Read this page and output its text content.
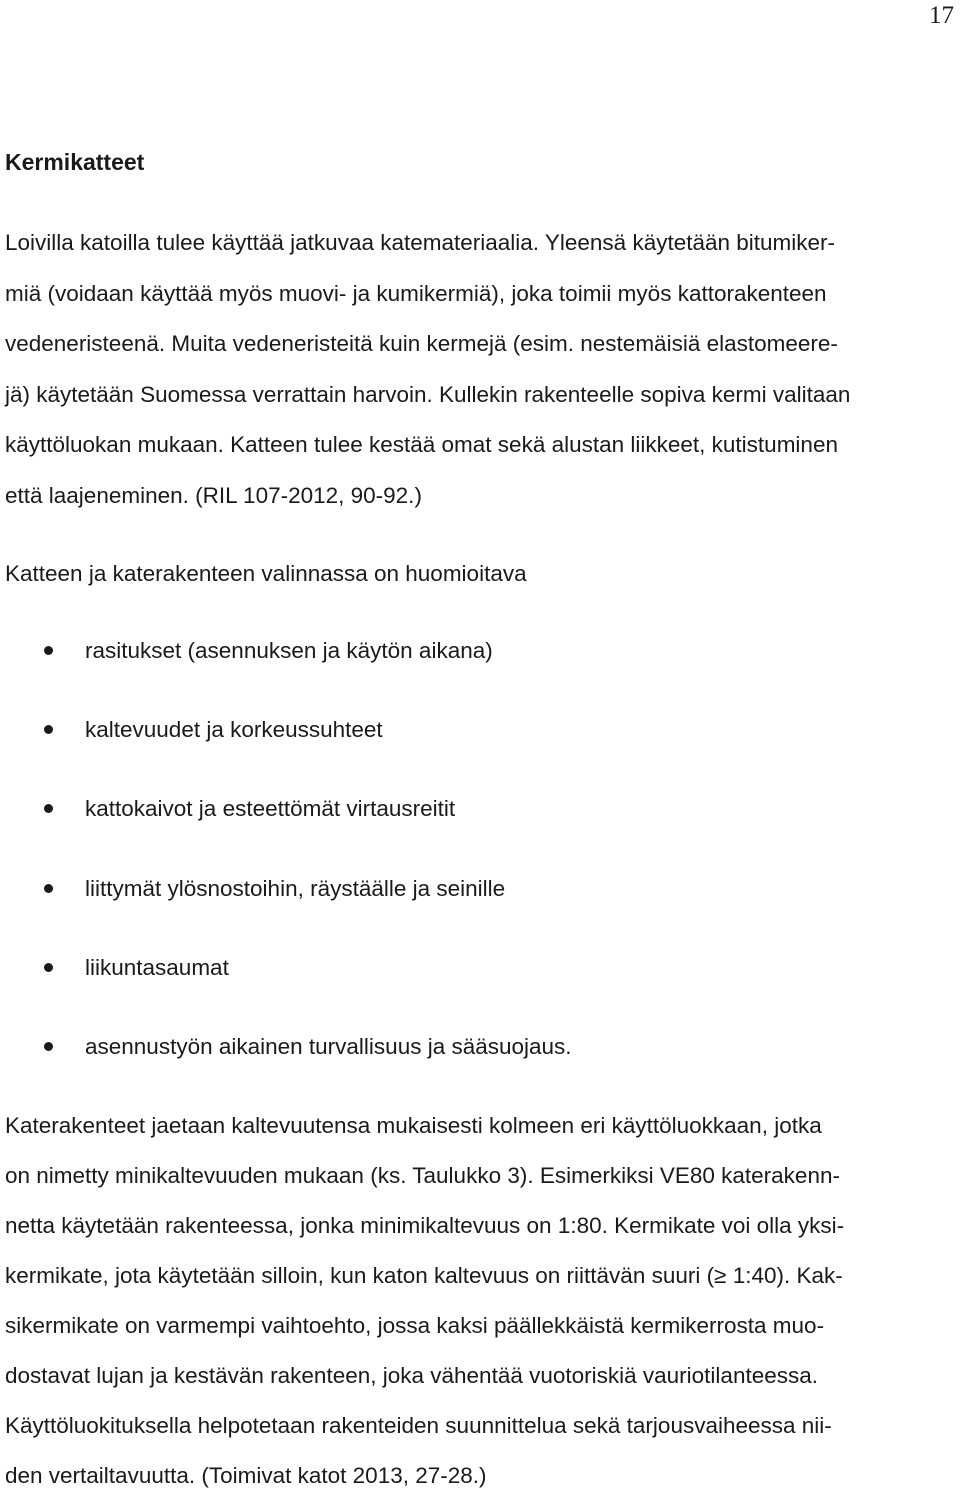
17
Kermikatteet

Loivilla katoilla tulee käyttää jatkuvaa katemateriaalia. Yleensä käytetään bitumiker-
miä (voidaan käyttää myös muovi- ja kumikermiä), joka toimii myös kattorakenteen
vedeneristeenä. Muita vedeneristeitä kuin kermejä (esim. nestemäisiä elastomeere-
jä) käytetään Suomessa verrattain harvoin. Kullekin rakenteelle sopiva kermi valitaan
käyttöluokan mukaan. Katteen tulee kestää omat sekä alustan liikkeet, kutistuminen
että laajeneminen. (RIL 107-2012, 90-92.)

Katteen ja katerakenteen valinnassa on huomioitava

rasitukset (asennuksen ja käytön aikana)
kaltevuudet ja korkeussuhteet
kattokaivot ja esteettömät virtausreitit
liittymät ylösnostoihin, räystäälle ja seinille
liikuntasaumat
asennustyön aikainen turvallisuus ja sääsuojaus.

Katerakenteet jaetaan kaltevuutensa mukaisesti kolmeen eri käyttöluokkaan, jotka
on nimetty minikaltevuuden mukaan (ks. Taulukko 3). Esimerkiksi VE80 katerakenn-
netta käytetään rakenteessa, jonka minimikaltevuus on 1:80. Kermikate voi olla yksi-
kermikate, jota käytetään silloin, kun katon kaltevuus on riittävän suuri (≥ 1:40). Kak-
sikermikate on varmempi vaihtoehto, jossa kaksi päällekkäistä kermikerrosta muo-
dostavat lujan ja kestävän rakenteen, joka vähentää vuotoriskiä vauriotilanteessa.
Käyttöluokituksella helpotetaan rakenteiden suunnittelua sekä tarjousvaiheessa nii-
den vertailtavuutta. (Toimivat katot 2013, 27-28.)
